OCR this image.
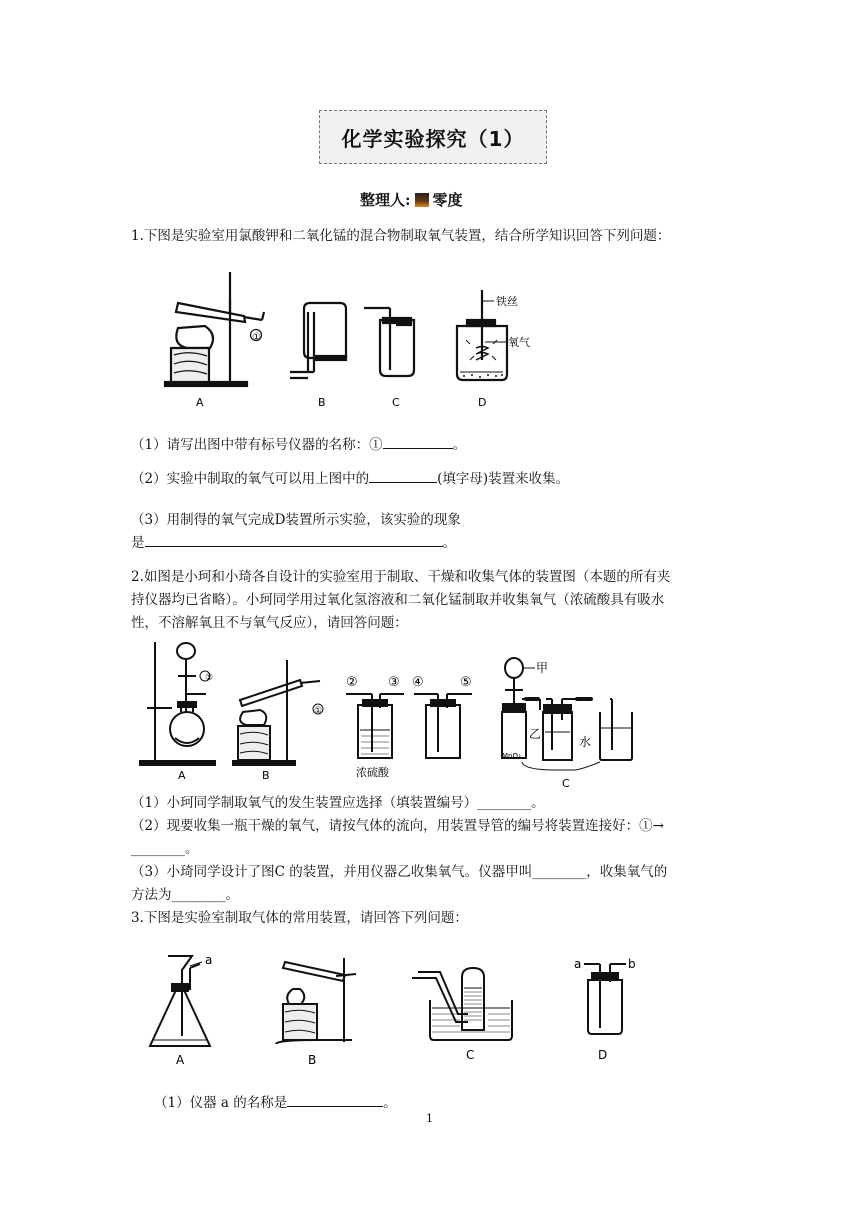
化学实验探究（1）
整理人: 零度
1.下图是实验室用氯酸钾和二氧化锰的混合物制取氧气装置，结合所学知识回答下列问题：
A
①
B	C
铁丝
氧气
D
（1）请写出图中带有标号仪器的名称：①	。
（2）实验中制取的氧气可以用上图中的	(填字母)装置来收集。
（3）用制得的氧气完成D装置所示实验，该实验的现象
是	。
2.如图是小珂和小琦各自设计的实验室用于制取、干燥和收集气体的装置图（本题的所有夹
持仪器均已省略）。小珂同学用过氧化氢溶液和二氧化锰制取并收集氧气（浓硫酸具有吸水
性，不溶解氧且不与氧气反应），请回答问题：
①
①
② ③ ④	⑤
甲
乙
水
MnO₂
浓硫酸
A	B
C
（1）小珂同学制取氧气的发生装置应选择（填装置编号）________。
（2）现要收集一瓶干燥的氧气，请按气体的流向，用装置导管的编号将装置连接好：①→
________。
（3）小琦同学设计了图C 的装置，并用仪器乙收集氧气。仪器甲叫________，收集氧气的
方法为________。
3.下图是实验室制取气体的常用装置，请回答下列问题：
a	a	b
A	B	C	D
（1）仪器 a 的名称是	。
1
